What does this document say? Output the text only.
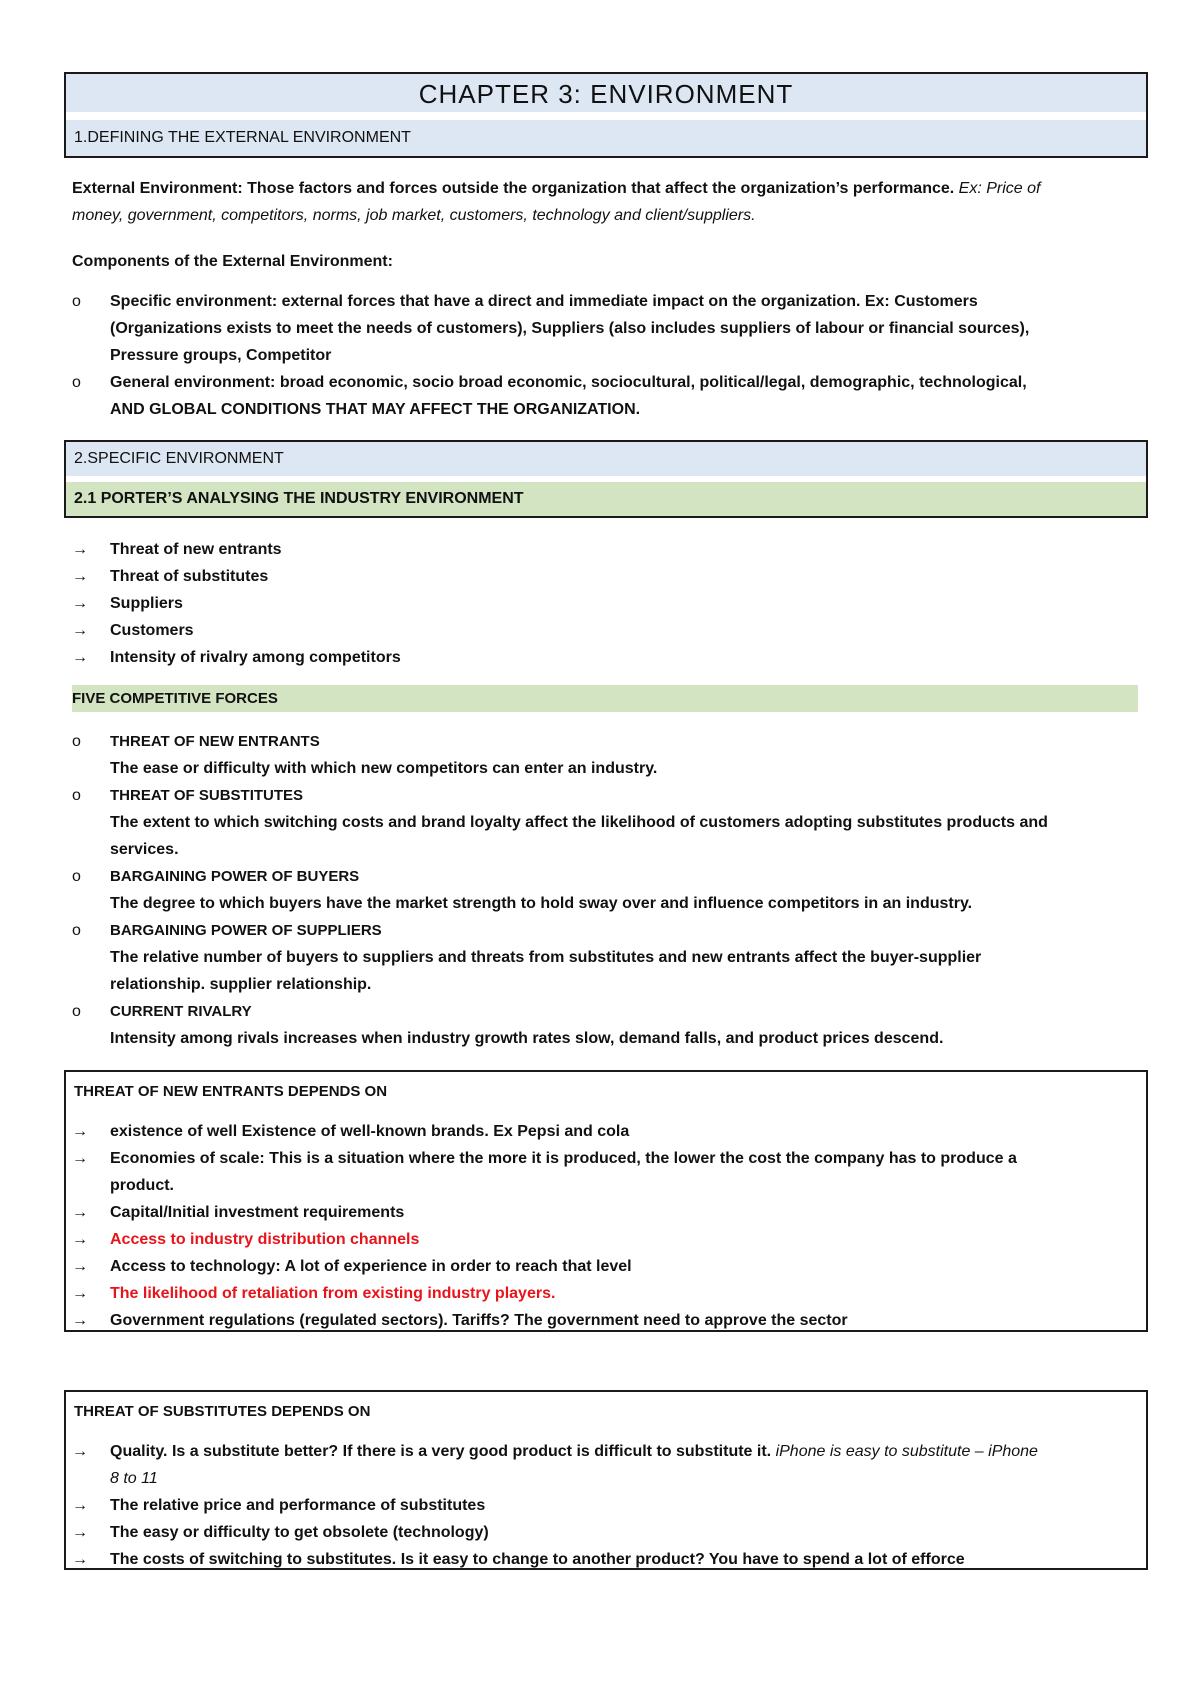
CHAPTER 3: ENVIRONMENT
1.DEFINING THE EXTERNAL ENVIRONMENT
External Environment: Those factors and forces outside the organization that affect the organization’s performance. Ex: Price of
money, government, competitors, norms, job market, customers, technology and client/suppliers.
Components of the External Environment:
o Specific environment: external forces that have a direct and immediate impact on the organization. Ex: Customers
(Organizations exists to meet the needs of customers), Suppliers (also includes suppliers of labour or financial sources),
Pressure groups, Competitor
o General environment: broad economic, socio broad economic, sociocultural, political/legal, demographic, technological,
AND GLOBAL CONDITIONS THAT MAY AFFECT THE ORGANIZATION.
2.SPECIFIC ENVIRONMENT
2.1 PORTER’S ANALYSING THE INDUSTRY ENVIRONMENT
→ Threat of new entrants
→ Threat of substitutes
→ Suppliers
→ Customers
→ Intensity of rivalry among competitors
FIVE COMPETITIVE FORCES
o THREAT OF NEW ENTRANTS
The ease or difficulty with which new competitors can enter an industry.
o THREAT OF SUBSTITUTES
The extent to which switching costs and brand loyalty affect the likelihood of customers adopting substitutes products and
services.
o BARGAINING POWER OF BUYERS
The degree to which buyers have the market strength to hold sway over and influence competitors in an industry.
o BARGAINING POWER OF SUPPLIERS
The relative number of buyers to suppliers and threats from substitutes and new entrants affect the buyer-supplier
relationship. supplier relationship.
o CURRENT RIVALRY
Intensity among rivals increases when industry growth rates slow, demand falls, and product prices descend.
THREAT OF NEW ENTRANTS DEPENDS ON
→ existence of well Existence of well-known brands. Ex Pepsi and cola
→ Economies of scale: This is a situation where the more it is produced, the lower the cost the company has to produce a
product.
→ Capital/Initial investment requirements
→ Access to industry distribution channels
→ Access to technology: A lot of experience in order to reach that level
→ The likelihood of retaliation from existing industry players.
→ Government regulations (regulated sectors). Tariffs? The government need to approve the sector
THREAT OF SUBSTITUTES DEPENDS ON
→ Quality. Is a substitute better? If there is a very good product is difficult to substitute it. iPhone is easy to substitute – iPhone
8 to 11
→ The relative price and performance of substitutes
→ The easy or difficulty to get obsolete (technology)
→ The costs of switching to substitutes. Is it easy to change to another product? You have to spend a lot of efforce
